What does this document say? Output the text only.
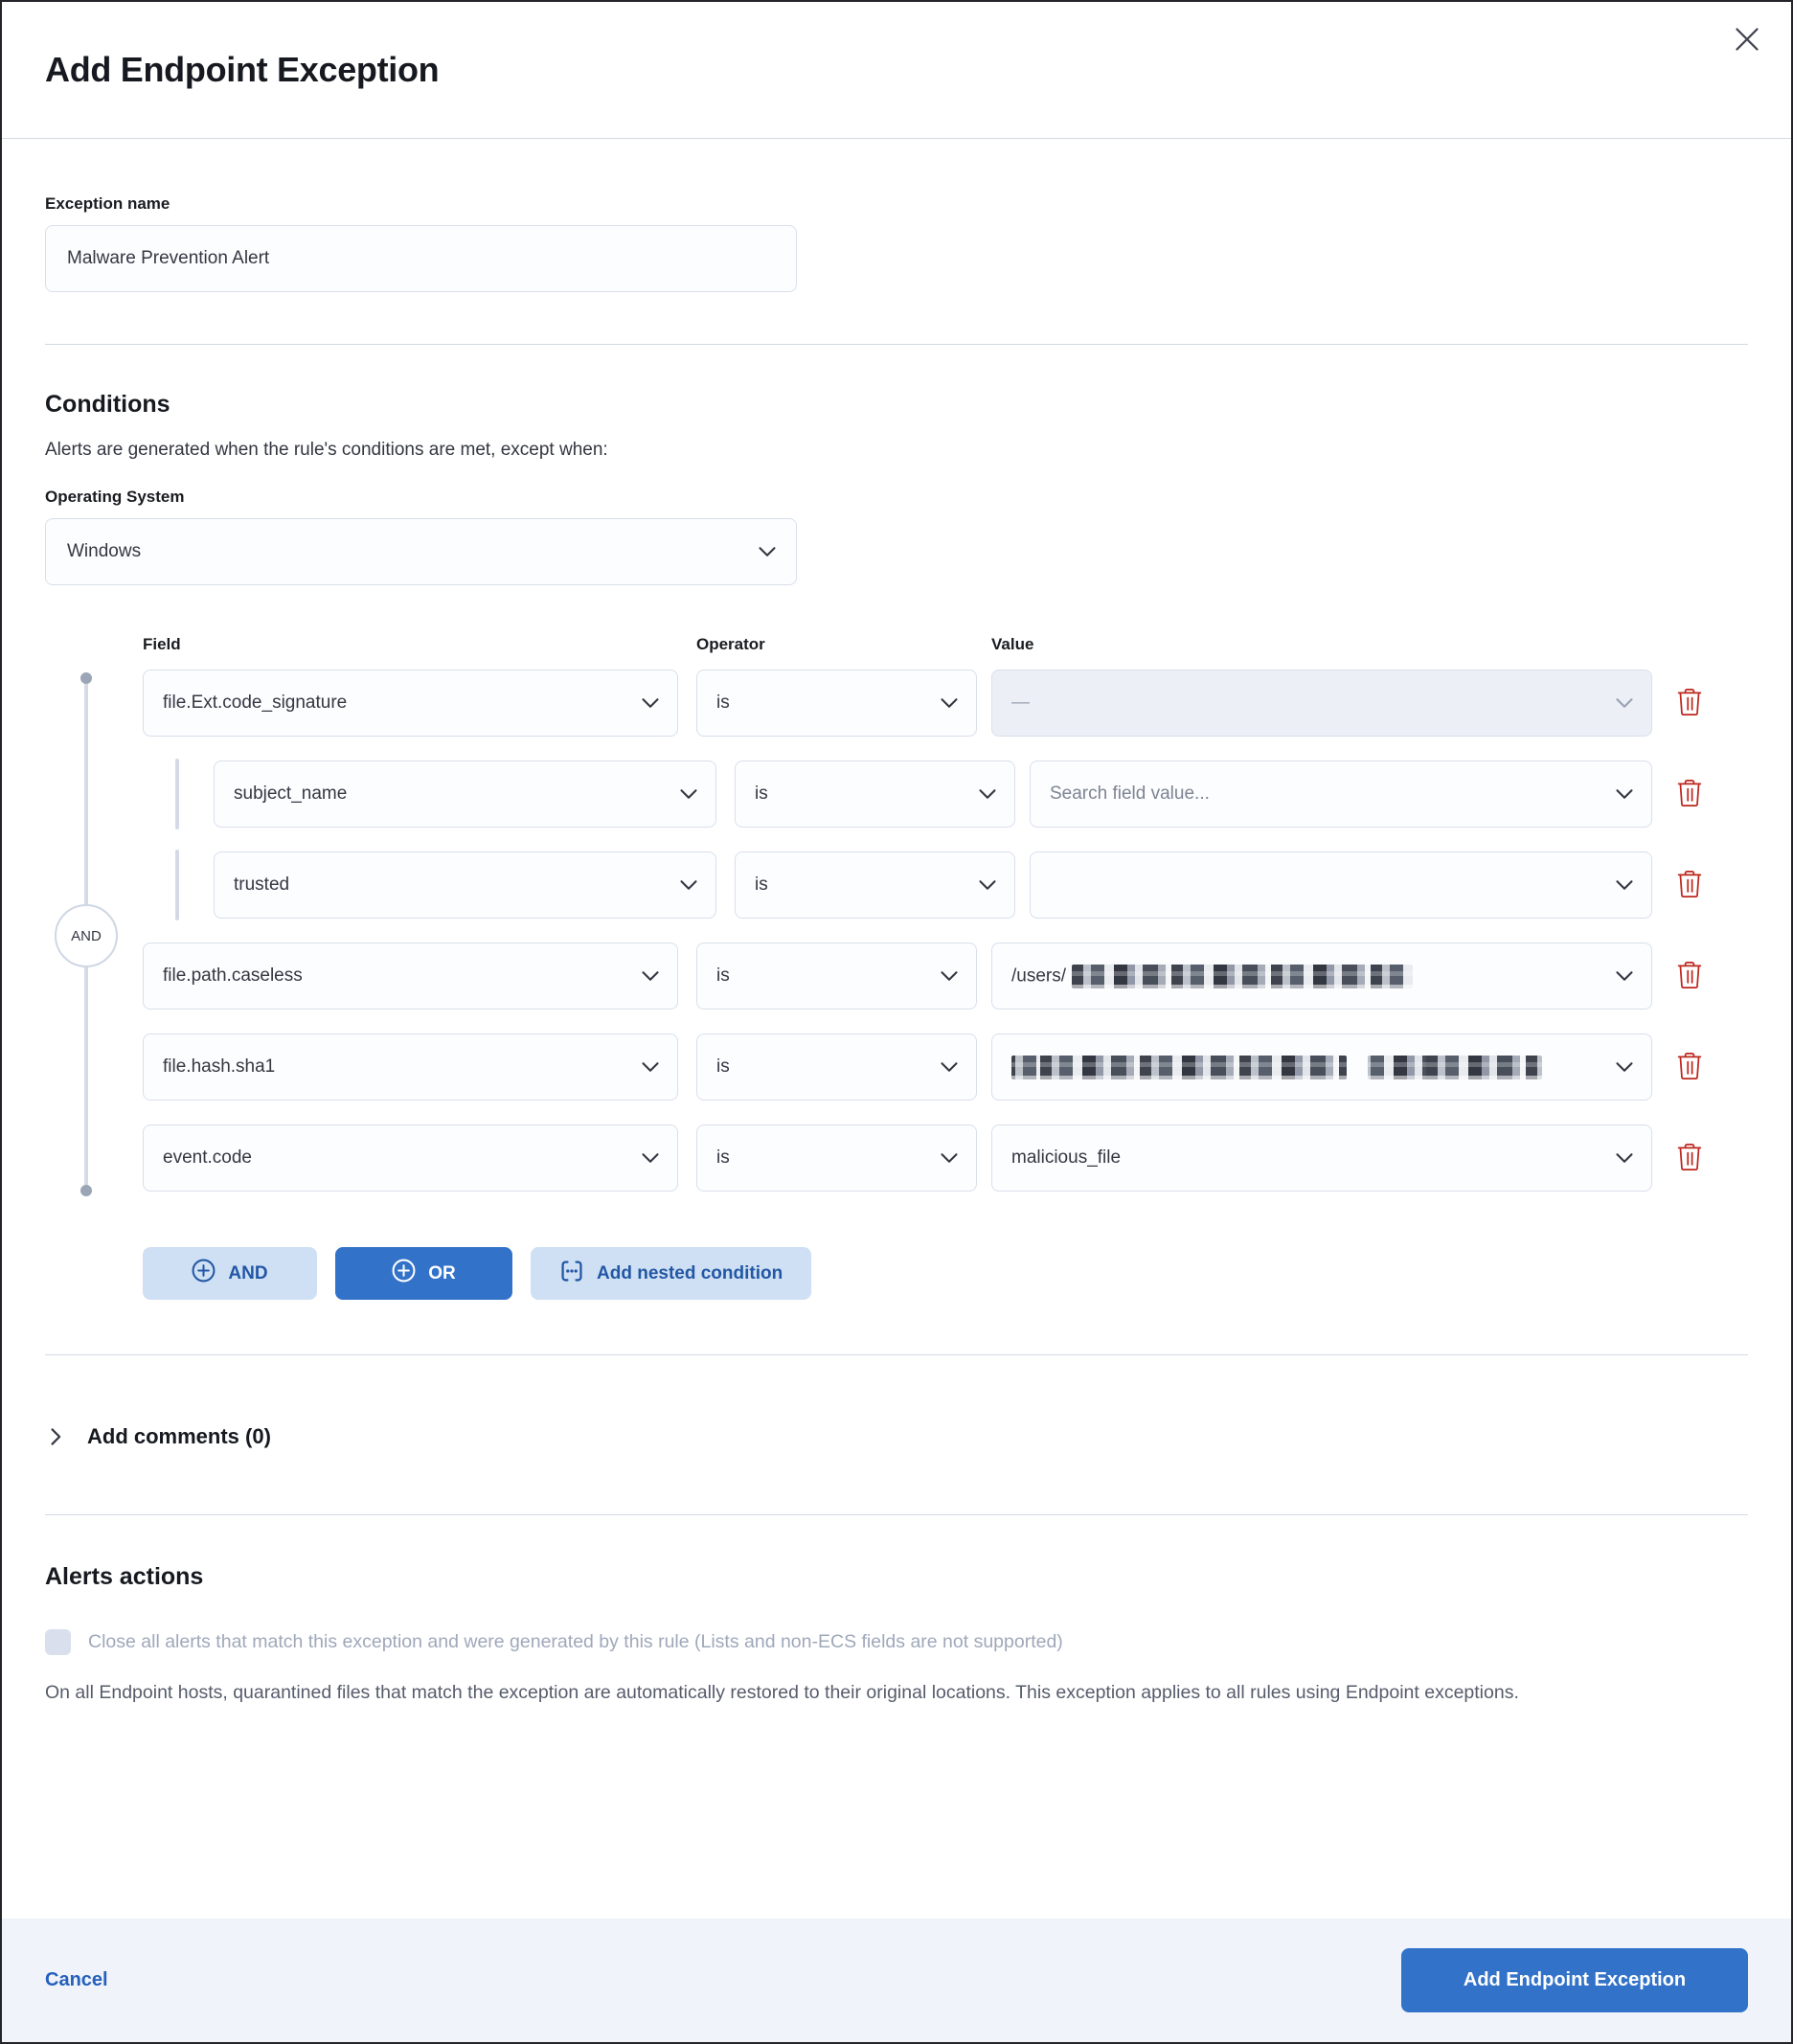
Add Endpoint Exception
Exception name
Malware Prevention Alert
Conditions

Alerts are generated when the rule's conditions are met, except when:

Operating System
Windows
AND
Field	Operator	Value
file.Ext.code_signature	is	—
subject_name	is	Search field value...
trusted	is
file.path.caseless	is	/users/
file.hash.sha1	is
event.code	is	malicious_file
AND	OR	Add nested condition
Add comments (0)
Alerts actions
Close all alerts that match this exception and were generated by this rule (Lists and non-ECS fields are not supported)

On all Endpoint hosts, quarantined files that match the exception are automatically restored to their original locations. This exception applies to all rules using Endpoint exceptions.

Cancel	Add Endpoint Exception
